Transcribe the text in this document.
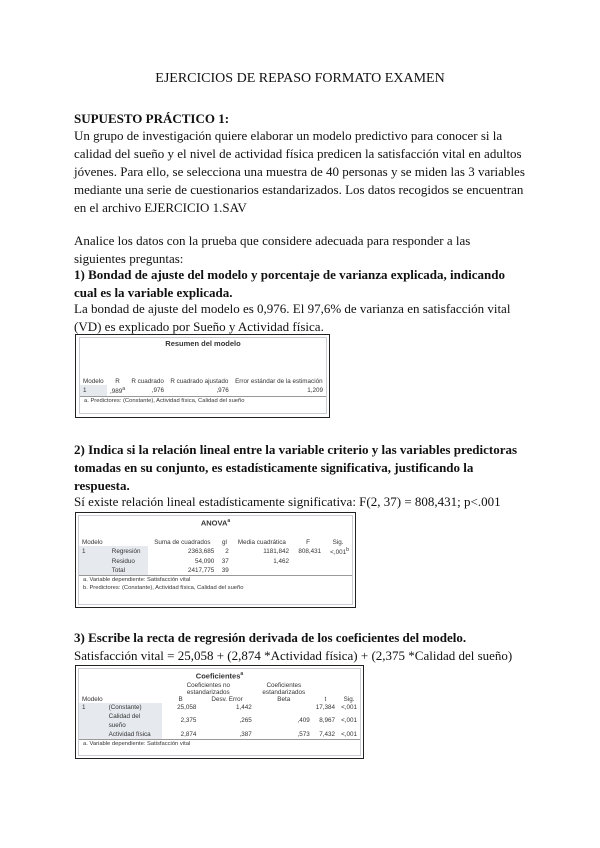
EJERCICIOS DE REPASO FORMATO EXAMEN
SUPUESTO PRÁCTICO 1:
Un grupo de investigación quiere elaborar un modelo predictivo para conocer si la
calidad del sueño y el nivel de actividad física predicen la satisfacción vital en adultos
jóvenes. Para ello, se selecciona una muestra de 40 personas y se miden las 3 variables
mediante una serie de cuestionarios estandarizados. Los datos recogidos se encuentran
en el archivo EJERCICIO 1.SAV
Analice los datos con la prueba que considere adecuada para responder a las
siguientes preguntas:
1) Bondad de ajuste del modelo y porcentaje de varianza explicada, indicando
cual es la variable explicada.
La bondad de ajuste del modelo es 0,976. El 97,6% de varianza en satisfacción vital
(VD) es explicado por Sueño y Actividad física.
Resumen del modelo
Modelo	R	R cuadrado	R cuadrado ajustado	Error estándar de la estimación
1	,989$^a$	,976	,976	1,209
a. Predictores: (Constante), Actividad física, Calidad del sueño
2) Indica si la relación lineal entre la variable criterio y las variables predictoras
tomadas en su conjunto, es estadísticamente significativa, justificando la
respuesta.
Sí existe relación lineal estadísticamente significativa: F(2, 37) = 808,431; p<.001
ANOVA$^a$
Modelo		Suma de cuadrados	gl	Media cuadrática	F	Sig.
1	Regresión	2363,685	2	1181,842	808,431	<,001$^b$
	Residuo	54,090	37	1,462		
	Total	2417,775	39			
a. Variable dependiente: Satisfacción vital
b. Predictores: (Constante), Actividad física, Calidad del sueño
3) Escribe la recta de regresión derivada de los coeficientes del modelo.
Satisfacción vital = 25,058 + (2,874 *Actividad física) + (2,375 *Calidad del sueño)
Coeficientes$^a$
		Coeficientes no estandarizados		Coeficientes estandarizados		
Modelo		B	Desv. Error	Beta	t	Sig.
1	(Constante)	25,058	1,442		17,384	<,001
	Calidad del sueño	2,375	,265	,409	8,967	<,001
	Actividad física	2,874	,387	,573	7,432	<,001
a. Variable dependiente: Satisfacción vital
